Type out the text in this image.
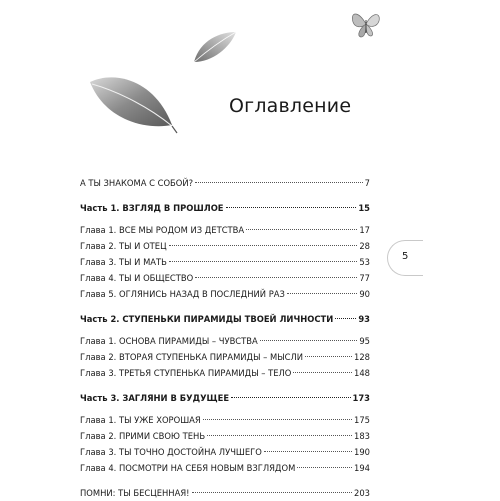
Оглавление
А ТЫ ЗНАКОМА С СОБОЙ?	7
Часть 1. ВЗГЛЯД В ПРОШЛОЕ	15
Глава 1. ВСЕ МЫ РОДОМ ИЗ ДЕТСТВА	17
Глава 2. ТЫ И ОТЕЦ	28
Глава 3. ТЫ И МАТЬ	53
Глава 4. ТЫ И ОБЩЕСТВО	77
Глава 5. ОГЛЯНИСЬ НАЗАД В ПОСЛЕДНИЙ РАЗ	90
Часть 2. СТУПЕНЬКИ ПИРАМИДЫ ТВОЕЙ ЛИЧНОСТИ	93
Глава 1. ОСНОВА ПИРАМИДЫ – ЧУВСТВА	95
Глава 2. ВТОРАЯ СТУПЕНЬКА ПИРАМИДЫ – МЫСЛИ	128
Глава 3. ТРЕТЬЯ СТУПЕНЬКА ПИРАМИДЫ – ТЕЛО	148
Часть 3. ЗАГЛЯНИ В БУДУЩЕЕ	173
Глава 1. ТЫ УЖЕ ХОРОШАЯ	175
Глава 2. ПРИМИ СВОЮ ТЕНЬ	183
Глава 3. ТЫ ТОЧНО ДОСТОЙНА ЛУЧШЕГО	190
Глава 4. ПОСМОТРИ НА СЕБЯ НОВЫМ ВЗГЛЯДОМ	194
ПОМНИ: ТЫ БЕСЦЕННАЯ!	203
5
